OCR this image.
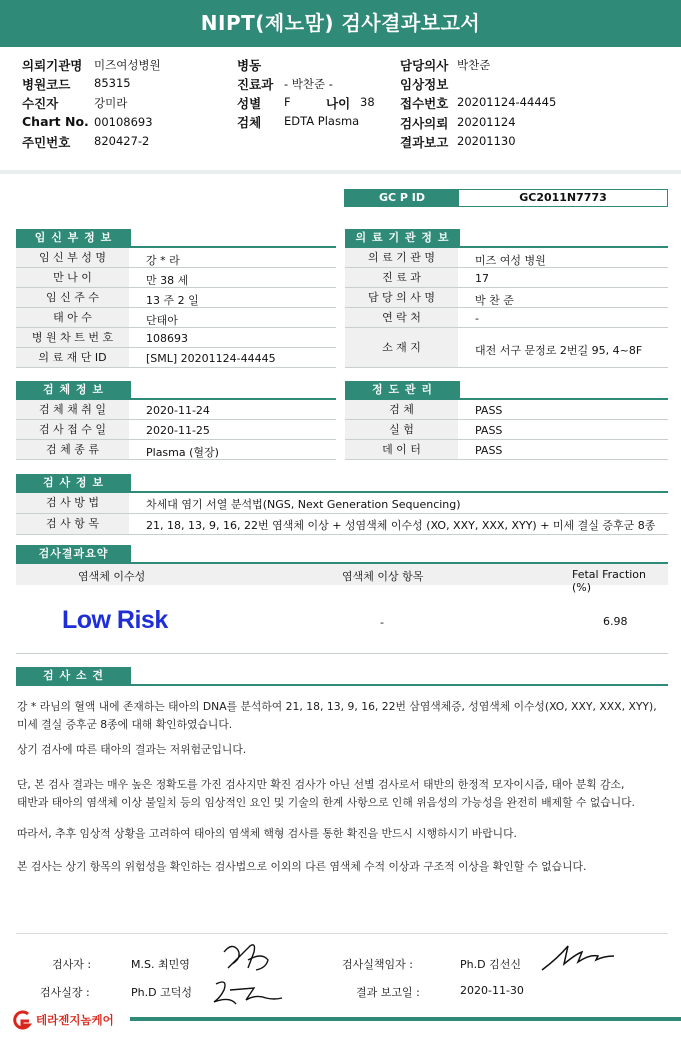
NIPT(제노맘) 검사결과보고서
의뢰기관명 미즈여성병원
병원코드 85315
수진자	강미라
Chart No. 00108693
주민번호 820427-2
병동
진료과 - 박찬준 -
성별 F	나이 38
검체 EDTA Plasma
담당의사 박찬준
임상정보
접수번호 20201124-44445
검사의뢰 20201124
결과보고 20201130
GC P ID	GC2011N7773
임 신 부 정 보
임 신 부 성 명	강 * 라
만 나 이	만 38 세
임 신 주 수	13 주 2 일
태 아 수	단태아
병 원 차 트 번 호	108693
의 료 재 단 ID	[SML] 20201124-44445
의 료 기 관 정 보
의 료 기 관 명	미즈 여성 병원
진 료 과	17
담 당 의 사 명	박 찬 준
연 락 처	-
소 재 지	대전 서구 문정로 2번길 95, 4~8F
검 체 정 보
검 체 채 취 일	2020-11-24
검 사 접 수 일	2020-11-25
검 체 종 류	Plasma (혈장)
정 도 관 리
검 체	PASS
실 험	PASS
데 이 터	PASS
검 사 정 보
검 사 방 법	차세대 염기 서열 분석법(NGS, Next Generation Sequencing)
검 사 항 목	21, 18, 13, 9, 16, 22번 염색체 이상 + 성염색체 이수성 (XO, XXY, XXX, XYY) + 미세 결실 증후군 8종
검사결과요약
염색체 이수성	염색체 이상 항목	Fetal Fraction (%)
Low Risk	-	6.98
검 사 소 견
강 * 라님의 혈액 내에 존재하는 태아의 DNA를 분석하여 21, 18, 13, 9, 16, 22번 삼염색체증, 성염색체 이수성(XO, XXY, XXX, XYY),
미세 결실 증후군 8종에 대해 확인하였습니다.
상기 검사에 따른 태아의 결과는 저위험군입니다.
단, 본 검사 결과는 매우 높은 정확도를 가진 검사지만 확진 검사가 아닌 선별 검사로서 태반의 한정적 모자이시즘, 태아 분획 감소,
태반과 태아의 염색체 이상 불일치 등의 임상적인 요인 및 기술의 한계 사항으로 인해 위음성의 가능성을 완전히 배제할 수 없습니다.
따라서, 추후 임상적 상황을 고려하여 태아의 염색체 핵형 검사를 통한 확진을 반드시 시행하시기 바랍니다.
본 검사는 상기 항목의 위험성을 확인하는 검사법으로 이외의 다른 염색체 수적 이상과 구조적 이상을 확인할 수 없습니다.
검사자 :	M.S. 최민영	검사실책임자 :	Ph.D 김선신
검사실장 :	Ph.D 고덕성	결과 보고일 :	2020-11-30
테라젠지놈케어
